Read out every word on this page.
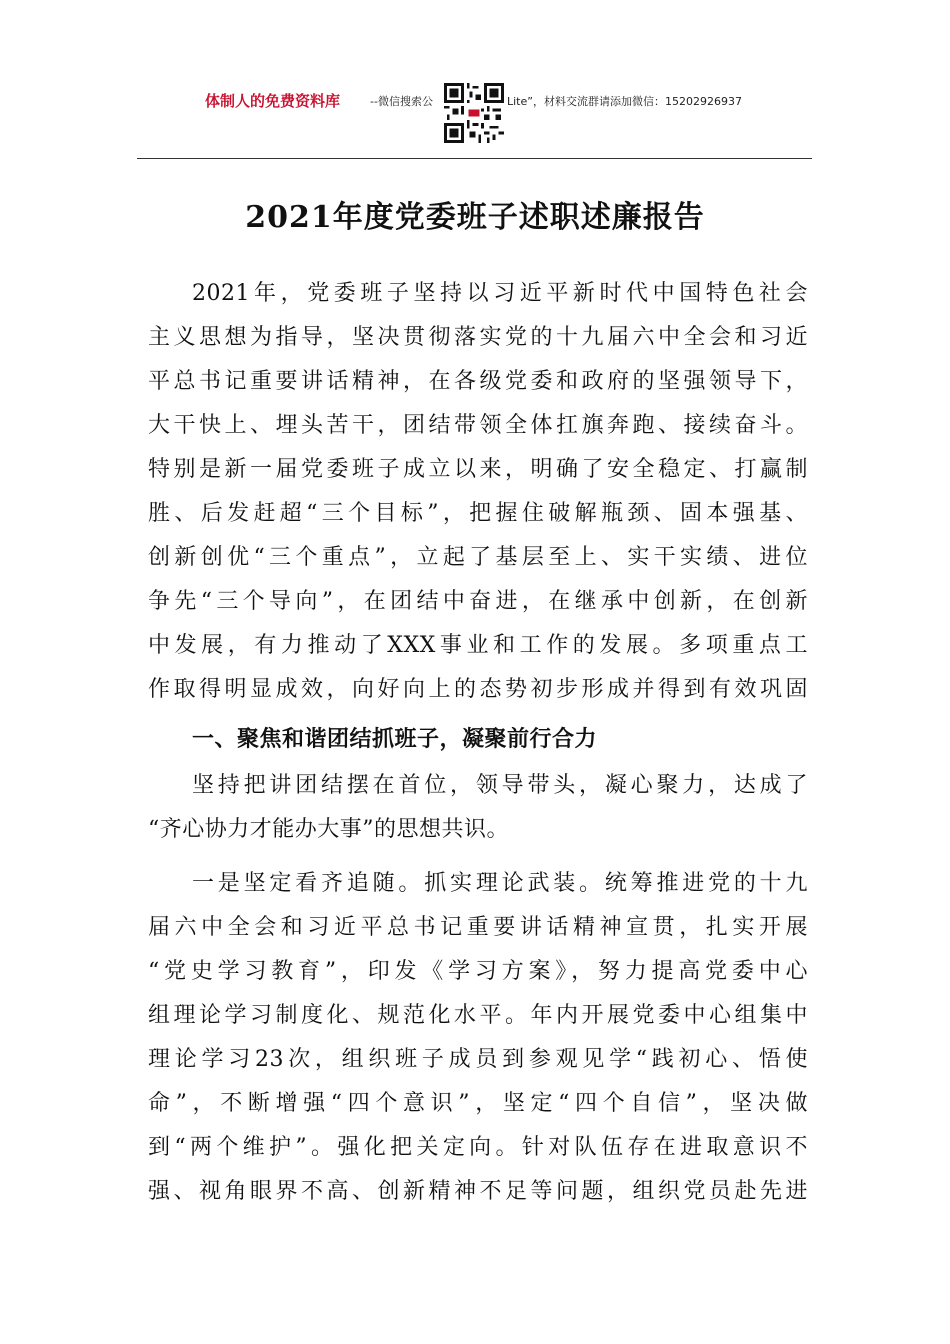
体制人的免费资料库	--微信搜索公	Lite”，材料交流群请添加微信：15202926937
2021年度党委班子述职述廉报告
2021年，党委班子坚持以习近平新时代中国特色社会
主义思想为指导，坚决贯彻落实党的十九届六中全会和习近
平总书记重要讲话精神，在各级党委和政府的坚强领导下，
大干快上、埋头苦干，团结带领全体扛旗奔跑、接续奋斗。
特别是新一届党委班子成立以来，明确了安全稳定、打赢制
胜、后发赶超“三个目标”，把握住破解瓶颈、固本强基、
创新创优“三个重点”，立起了基层至上、实干实绩、进位
争先“三个导向”，在团结中奋进，在继承中创新，在创新
中发展，有力推动了XXX事业和工作的发展。多项重点工
作取得明显成效，向好向上的态势初步形成并得到有效巩固
一、聚焦和谐团结抓班子，凝聚前行合力
坚持把讲团结摆在首位，领导带头，凝心聚力，达成了
“齐心协力才能办大事”的思想共识。
一是坚定看齐追随。抓实理论武装。统筹推进党的十九
届六中全会和习近平总书记重要讲话精神宣贯，扎实开展
“党史学习教育”，印发《学习方案》，努力提高党委中心
组理论学习制度化、规范化水平。年内开展党委中心组集中
理论学习23次，组织班子成员到参观见学“践初心、悟使
命”，不断增强“四个意识”，坚定“四个自信”，坚决做
到“两个维护”。强化把关定向。针对队伍存在进取意识不
强、视角眼界不高、创新精神不足等问题，组织党员赴先进
